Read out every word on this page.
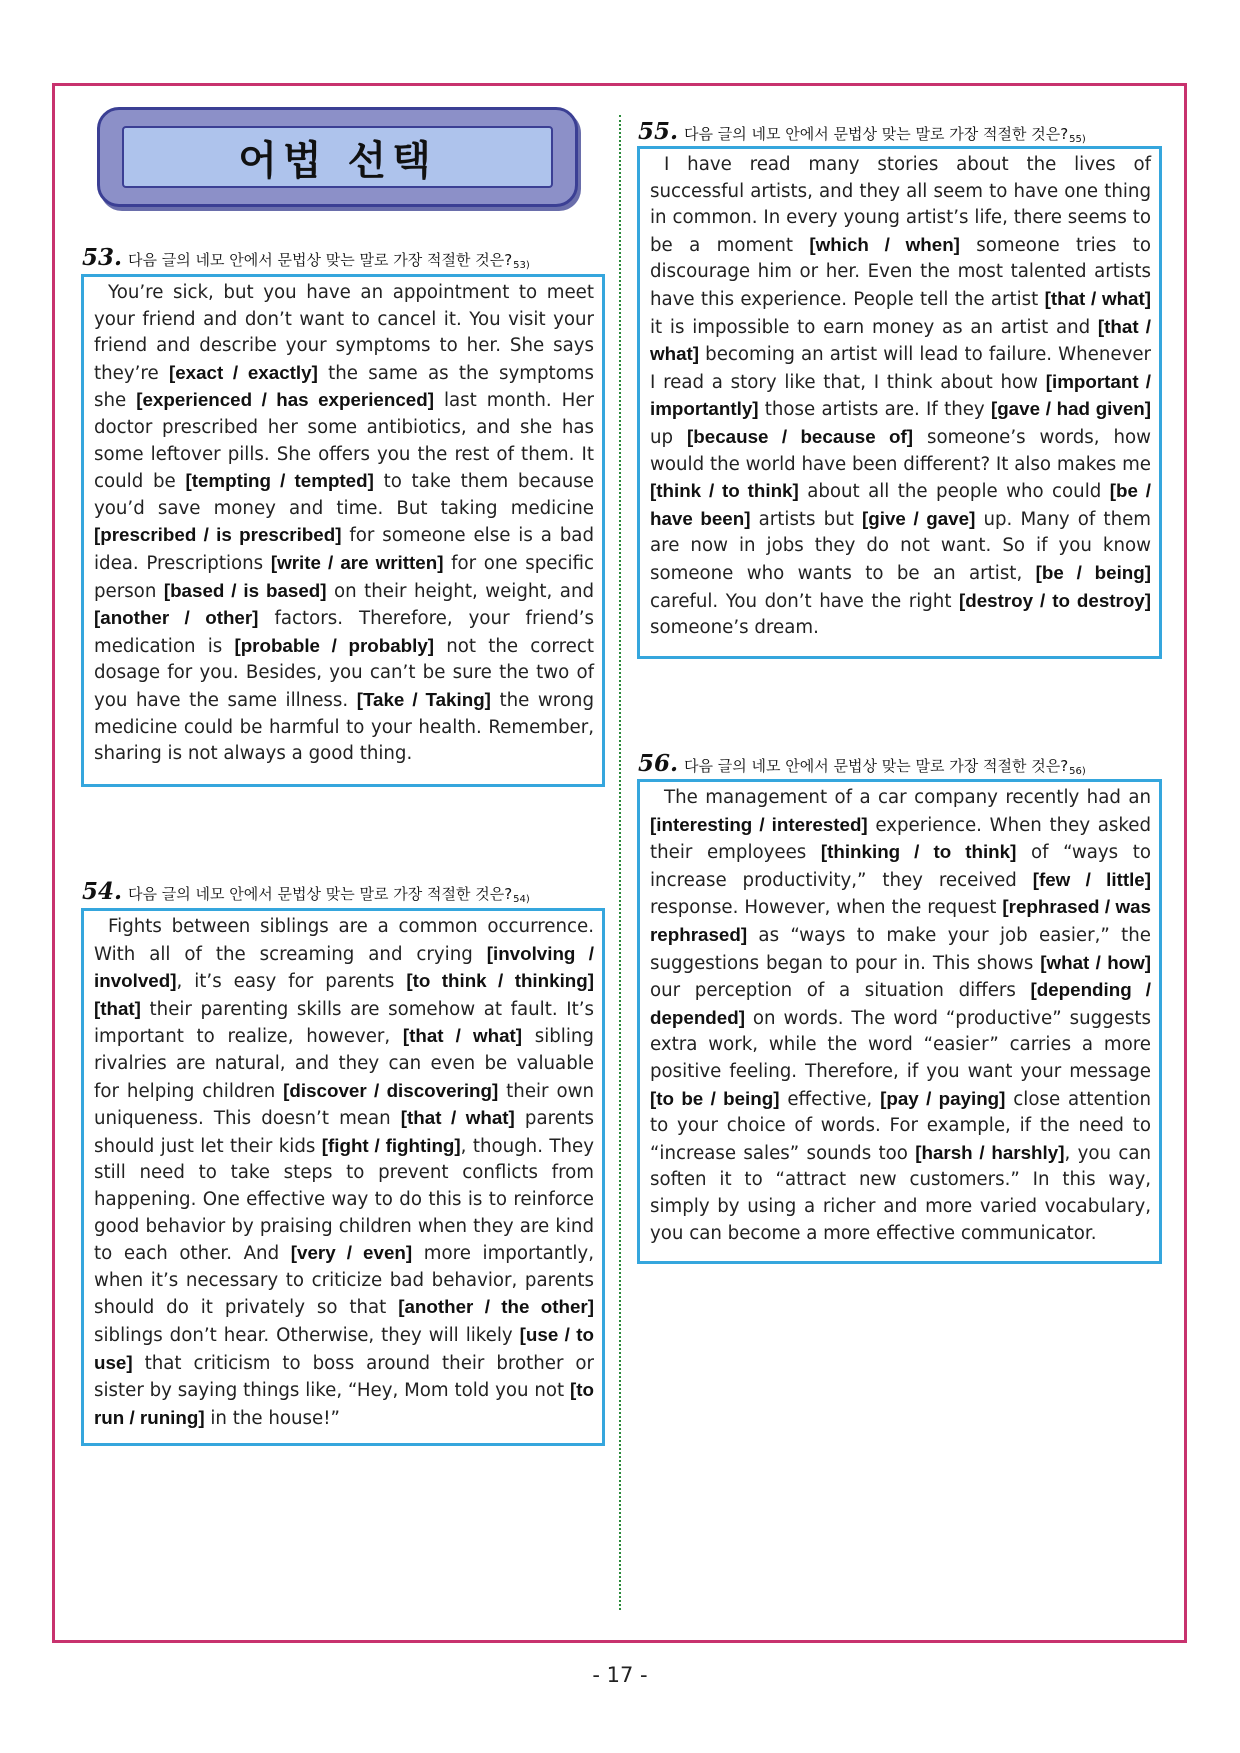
어법 선택
53. 다음 글의 네모 안에서 문법상 맞는 말로 가장 적절한 것은? 53)

You’re sick, but you have an appointment to meet your friend and don’t want to cancel it. You visit your friend and describe your symptoms to her. She says they’re [exact / exactly] the same as the symptoms she [experienced / has experienced] last month. Her doctor prescribed her some antibiotics, and she has some leftover pills. She offers you the rest of them. It could be [tempting / tempted] to take them because you’d save money and time. But taking medicine [prescribed / is prescribed] for someone else is a bad idea. Prescriptions [write / are written] for one specific person [based / is based] on their height, weight, and [another / other] factors. Therefore, your friend’s medication is [probable / probably] not the correct dosage for you. Besides, you can’t be sure the two of you have the same illness. [Take / Taking] the wrong medicine could be harmful to your health. Remember, sharing is not always a good thing.

54. 다음 글의 네모 안에서 문법상 맞는 말로 가장 적절한 것은? 54)

Fights between siblings are a common occurrence. With all of the screaming and crying [involving / involved], it’s easy for parents [to think / thinking] [that] their parenting skills are somehow at fault. It’s important to realize, however, [that / what] sibling rivalries are natural, and they can even be valuable for helping children [discover / discovering] their own uniqueness. This doesn’t mean [that / what] parents should just let their kids [fight / fighting], though. They still need to take steps to prevent conflicts from happening. One effective way to do this is to reinforce good behavior by praising children when they are kind to each other. And [very / even] more importantly, when it’s necessary to criticize bad behavior, parents should do it privately so that [another / the other] siblings don’t hear. Otherwise, they will likely [use / to use] that criticism to boss around their brother or sister by saying things like, “Hey, Mom told you not [to run / runing] in the house!”

55. 다음 글의 네모 안에서 문법상 맞는 말로 가장 적절한 것은? 55)

I have read many stories about the lives of successful artists, and they all seem to have one thing in common. In every young artist’s life, there seems to be a moment [which / when] someone tries to discourage him or her. Even the most talented artists have this experience. People tell the artist [that / what] it is impossible to earn money as an artist and [that / what] becoming an artist will lead to failure. Whenever I read a story like that, I think about how [important / importantly] those artists are. If they [gave / had given] up [because / because of] someone’s words, how would the world have been different? It also makes me [think / to think] about all the people who could [be / have been] artists but [give / gave] up. Many of them are now in jobs they do not want. So if you know someone who wants to be an artist, [be / being] careful. You don’t have the right [destroy / to destroy] someone’s dream.

56. 다음 글의 네모 안에서 문법상 맞는 말로 가장 적절한 것은? 56)

The management of a car company recently had an [interesting / interested] experience. When they asked their employees [thinking / to think] of “ways to increase productivity,” they received [few / little] response. However, when the request [rephrased / was rephrased] as “ways to make your job easier,” the suggestions began to pour in. This shows [what / how] our perception of a situation differs [depending / depended] on words. The word “productive” suggests extra work, while the word “easier” carries a more positive feeling. Therefore, if you want your message [to be / being] effective, [pay / paying] close attention to your choice of words. For example, if the need to “increase sales” sounds too [harsh / harshly], you can soften it to “attract new customers.” In this way, simply by using a richer and more varied vocabulary, you can become a more effective communicator.

- 17 -
